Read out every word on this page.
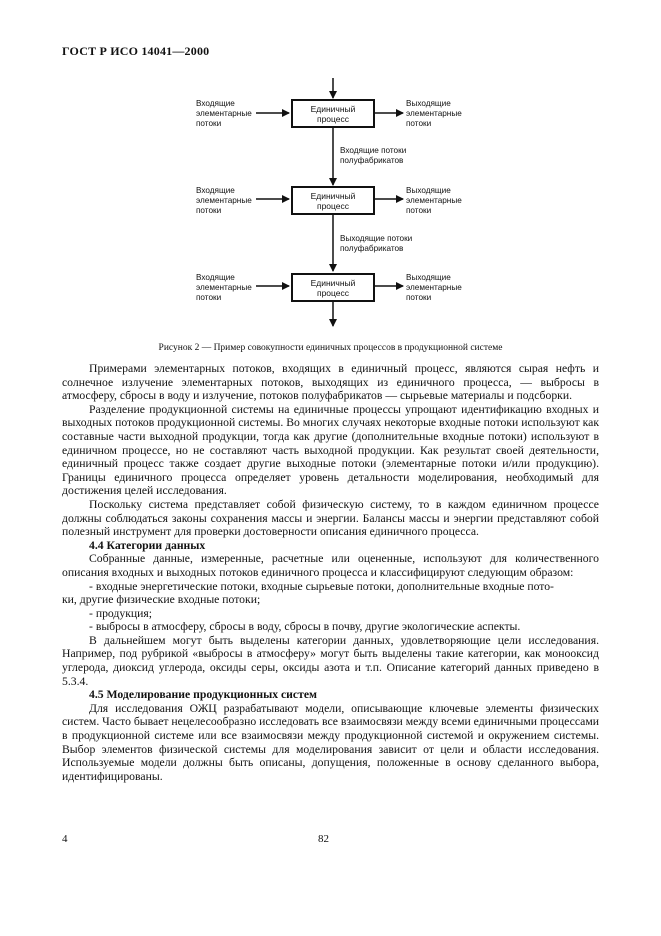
ГОСТ Р ИСО 14041—2000
Единичный
процесс
Единичный
процесс
Единичный
процесс
Входящие
элементарные
потоки
Входящие
элементарные
потоки
Входящие
элементарные
потоки
Выходящие
элементарные
потоки
Выходящие
элементарные
потоки
Выходящие
элементарные
потоки
Входящие потоки
полуфабрикатов
Выходящие потоки
полуфабрикатов
Рисунок 2 — Пример совокупности единичных процессов в продукционной системе

Примерами элементарных потоков, входящих в единичный процесс, являются сырая нефть и солнечное излучение элементарных потоков, выходящих из единичного процесса, — выбросы в атмосферу, сбросы в воду и излучение, потоков полуфабрикатов — сырьевые материалы и подсборки.

Разделение продукционной системы на единичные процессы упрощают идентификацию входных и выходных потоков продукционной системы. Во многих случаях некоторые входные потоки используют как составные части выходной продукции, тогда как другие (дополнительные входные потоки) используют в единичном процессе, но не составляют часть выходной продукции. Как результат своей деятельности, единичный процесс также создает другие выходные потоки (элементарные потоки и/или продукцию). Границы единичного процесса определяет уровень детальности моделирования, необходимый для достижения целей исследования.

Поскольку система представляет собой физическую систему, то в каждом единичном процессе должны соблюдаться законы сохранения массы и энергии. Балансы массы и энергии представляют собой полезный инструмент для проверки достоверности описания единичного процесса.

4.4 Категории данных

Собранные данные, измеренные, расчетные или оцененные, используют для количественного описания входных и выходных потоков единичного процесса и классифицируют следующим образом:

- входные энергетические потоки, входные сырьевые потоки, дополнительные входные пото-
ки, другие физические входные потоки;
- продукция;
- выбросы в атмосферу, сбросы в воду, сбросы в почву, другие экологические аспекты.

В дальнейшем могут быть выделены категории данных, удовлетворяющие цели исследования. Например, под рубрикой «выбросы в атмосферу» могут быть выделены такие категории, как монооксид углерода, диоксид углерода, оксиды серы, оксиды азота и т.п. Описание категорий данных приведено в 5.3.4.

4.5 Моделирование продукционных систем

Для исследования ОЖЦ разрабатывают модели, описывающие ключевые элементы физических систем. Часто бывает нецелесообразно исследовать все взаимосвязи между всеми единичными процессами в продукционной системе или все взаимосвязи между продукционной системой и окружением системы. Выбор элементов физической системы для моделирования зависит от цели и области исследования. Используемые модели должны быть описаны, допущения, положенные в основу сделанного выбора, идентифицированы.

4	82
